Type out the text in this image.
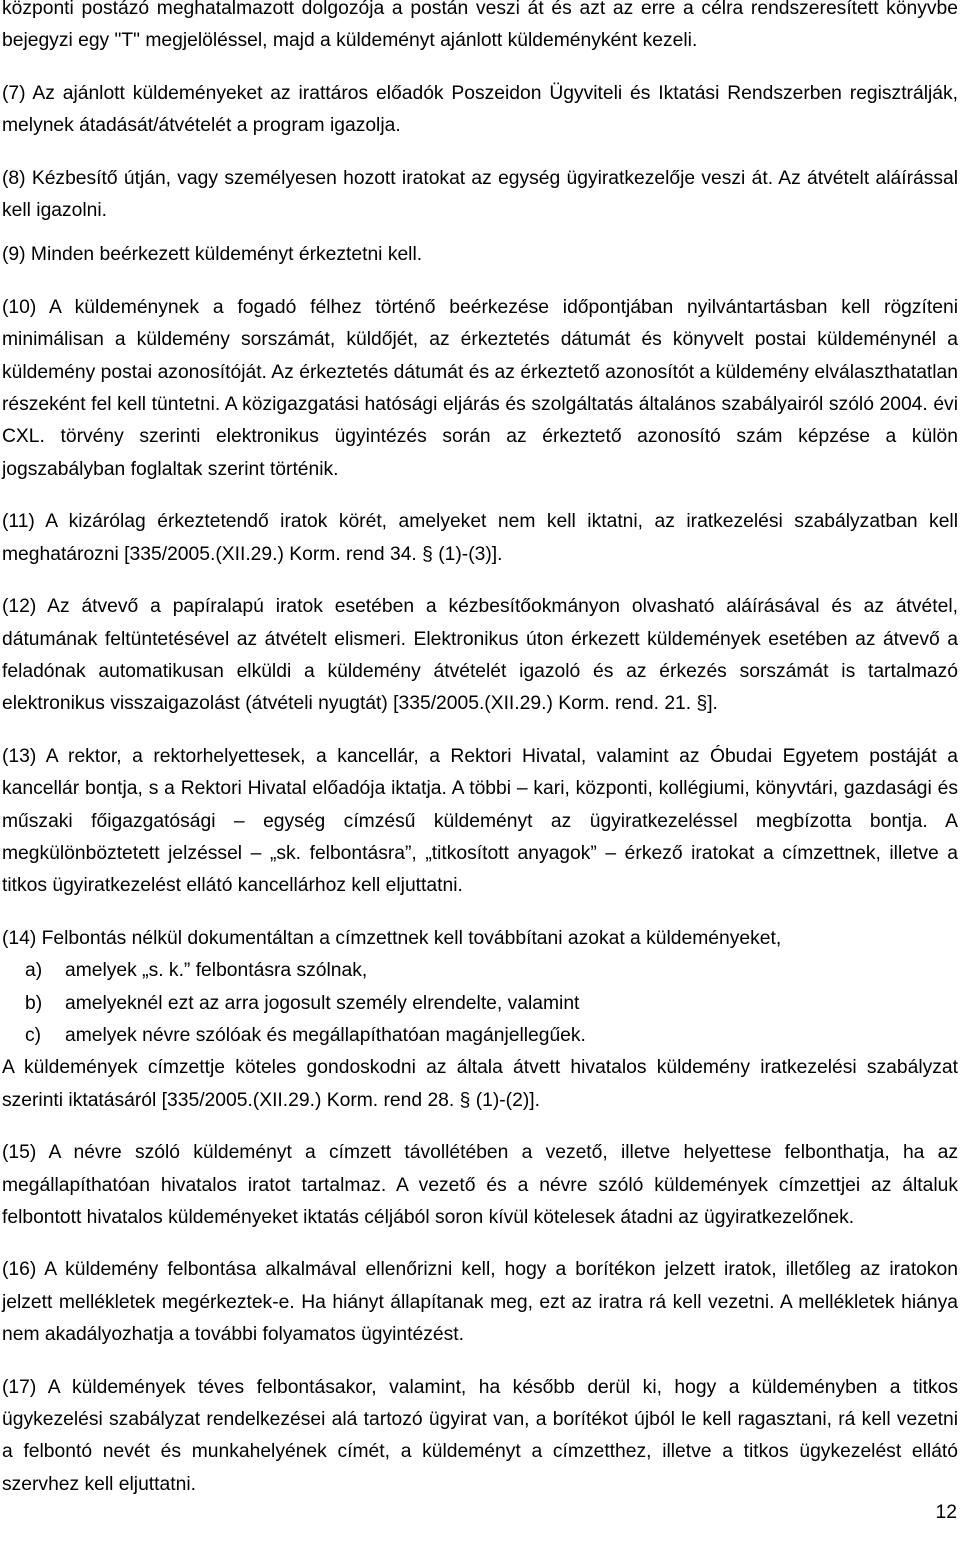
központi postázó meghatalmazott dolgozója a postán veszi át és azt az erre a célra rendszeresített könyvbe bejegyzi egy "T" megjelöléssel, majd a küldeményt ajánlott küldeményként kezeli.

(7) Az ajánlott küldeményeket az irattáros előadók Poszeidon Ügyviteli és Iktatási Rendszerben regisztrálják, melynek átadását/átvételét a program igazolja.

(8) Kézbesítő útján, vagy személyesen hozott iratokat az egység ügyiratkezelője veszi át. Az átvételt aláírással kell igazolni.

(9) Minden beérkezett küldeményt érkeztetni kell.

(10) A küldeménynek a fogadó félhez történő beérkezése időpontjában nyilvántartásban kell rögzíteni minimálisan a küldemény sorszámát, küldőjét, az érkeztetés dátumát és könyvelt postai küldeménynél a küldemény postai azonosítóját. Az érkeztetés dátumát és az érkeztető azonosítót a küldemény elválaszthatatlan részeként fel kell tüntetni. A közigazgatási hatósági eljárás és szolgáltatás általános szabályairól szóló 2004. évi CXL. törvény szerinti elektronikus ügyintézés során az érkeztető azonosító szám képzése a külön jogszabályban foglaltak szerint történik.

(11) A kizárólag érkeztetendő iratok körét, amelyeket nem kell iktatni, az iratkezelési szabályzatban kell meghatározni [335/2005.(XII.29.) Korm. rend 34. § (1)-(3)].

(12) Az átvevő a papíralapú iratok esetében a kézbesítőokmányon olvasható aláírásával és az átvétel, dátumának feltüntetésével az átvételt elismeri. Elektronikus úton érkezett küldemények esetében az átvevő a feladónak automatikusan elküldi a küldemény átvételét igazoló és az érkezés sorszámát is tartalmazó elektronikus visszaigazolást (átvételi nyugtát) [335/2005.(XII.29.) Korm. rend. 21. §].

(13) A rektor, a rektorhelyettesek, a kancellár, a Rektori Hivatal, valamint az Óbudai Egyetem postáját a kancellár bontja, s a Rektori Hivatal előadója iktatja. A többi – kari, központi, kollégiumi, könyvtári, gazdasági és műszaki főigazgatósági – egység címzésű küldeményt az ügyiratkezeléssel megbízotta bontja. A megkülönböztetett jelzéssel – „sk. felbontásra”, „titkosított anyagok” – érkező iratokat a címzettnek, illetve a titkos ügyiratkezelést ellátó kancellárhoz kell eljuttatni.

(14) Felbontás nélkül dokumentáltan a címzettnek kell továbbítani azokat a küldeményeket,

a)	amelyek „s. k.” felbontásra szólnak,
b)	amelyeknél ezt az arra jogosult személy elrendelte, valamint
c)	amelyek névre szólóak és megállapíthatóan magánjellegűek.

A küldemények címzettje köteles gondoskodni az általa átvett hivatalos küldemény iratkezelési szabályzat szerinti iktatásáról [335/2005.(XII.29.) Korm. rend 28. § (1)-(2)].

(15) A névre szóló küldeményt a címzett távollétében a vezető, illetve helyettese felbonthatja, ha az megállapíthatóan hivatalos iratot tartalmaz. A vezető és a névre szóló küldemények címzettjei az általuk felbontott hivatalos küldeményeket iktatás céljából soron kívül kötelesek átadni az ügyiratkezelőnek.

(16) A küldemény felbontása alkalmával ellenőrizni kell, hogy a borítékon jelzett iratok, illetőleg az iratokon jelzett mellékletek megérkeztek-e. Ha hiányt állapítanak meg, ezt az iratra rá kell vezetni. A mellékletek hiánya nem akadályozhatja a további folyamatos ügyintézést.

(17) A küldemények téves felbontásakor, valamint, ha később derül ki, hogy a küldeményben a titkos ügykezelési szabályzat rendelkezései alá tartozó ügyirat van, a borítékot újból le kell ragasztani, rá kell vezetni a felbontó nevét és munkahelyének címét, a küldeményt a címzetthez, illetve a titkos ügykezelést ellátó szervhez kell eljuttatni.

12
